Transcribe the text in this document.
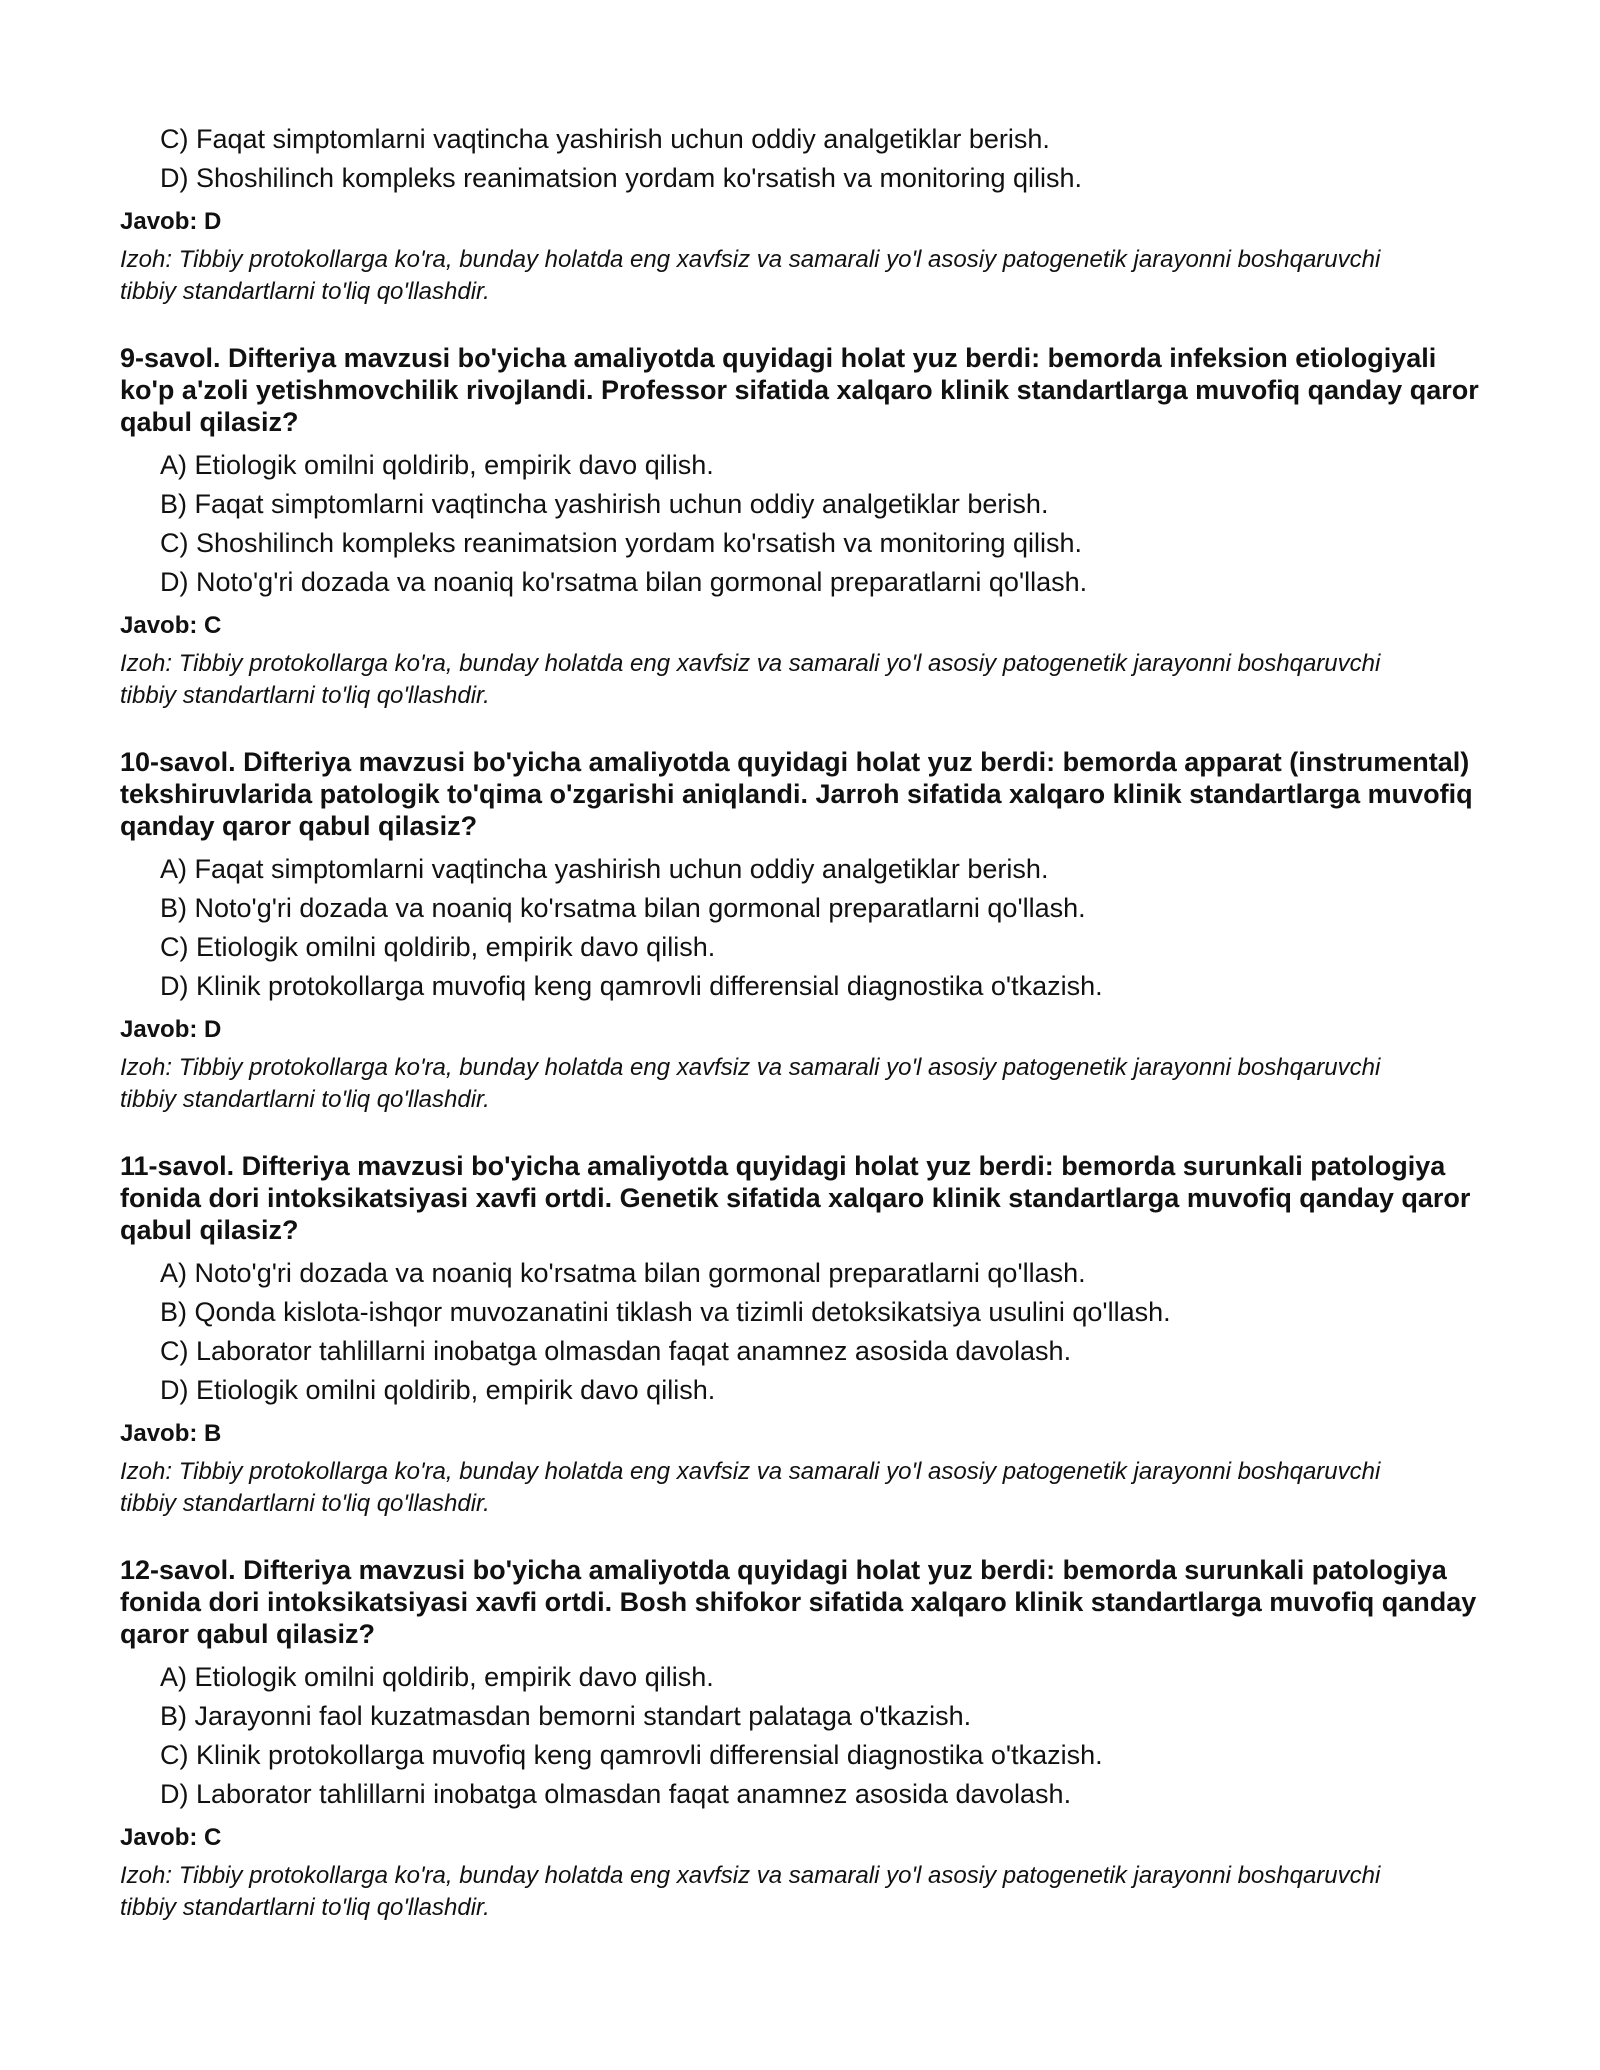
C) Faqat simptomlarni vaqtincha yashirish uchun oddiy analgetiklar berish.

D) Shoshilinch kompleks reanimatsion yordam ko'rsatish va monitoring qilish.

Javob: D
Izoh: Tibbiy protokollarga ko'ra, bunday holatda eng xavfsiz va samarali yo'l asosiy patogenetik jarayonni boshqaruvchi tibbiy standartlarni to'liq qo'llashdir.
9-savol. Difteriya mavzusi bo'yicha amaliyotda quyidagi holat yuz berdi: bemorda infeksion etiologiyali ko'p a'zoli yetishmovchilik rivojlandi. Professor sifatida xalqaro klinik standartlarga muvofiq qanday qaror qabul qilasiz?

A) Etiologik omilni qoldirib, empirik davo qilish.

B) Faqat simptomlarni vaqtincha yashirish uchun oddiy analgetiklar berish.

C) Shoshilinch kompleks reanimatsion yordam ko'rsatish va monitoring qilish.

D) Noto'g'ri dozada va noaniq ko'rsatma bilan gormonal preparatlarni qo'llash.

Javob: C
Izoh: Tibbiy protokollarga ko'ra, bunday holatda eng xavfsiz va samarali yo'l asosiy patogenetik jarayonni boshqaruvchi tibbiy standartlarni to'liq qo'llashdir.
10-savol. Difteriya mavzusi bo'yicha amaliyotda quyidagi holat yuz berdi: bemorda apparat (instrumental) tekshiruvlarida patologik to'qima o'zgarishi aniqlandi. Jarroh sifatida xalqaro klinik standartlarga muvofiq qanday qaror qabul qilasiz?

A) Faqat simptomlarni vaqtincha yashirish uchun oddiy analgetiklar berish.

B) Noto'g'ri dozada va noaniq ko'rsatma bilan gormonal preparatlarni qo'llash.

C) Etiologik omilni qoldirib, empirik davo qilish.

D) Klinik protokollarga muvofiq keng qamrovli differensial diagnostika o'tkazish.

Javob: D
Izoh: Tibbiy protokollarga ko'ra, bunday holatda eng xavfsiz va samarali yo'l asosiy patogenetik jarayonni boshqaruvchi tibbiy standartlarni to'liq qo'llashdir.
11-savol. Difteriya mavzusi bo'yicha amaliyotda quyidagi holat yuz berdi: bemorda surunkali patologiya fonida dori intoksikatsiyasi xavfi ortdi. Genetik sifatida xalqaro klinik standartlarga muvofiq qanday qaror qabul qilasiz?

A) Noto'g'ri dozada va noaniq ko'rsatma bilan gormonal preparatlarni qo'llash.

B) Qonda kislota-ishqor muvozanatini tiklash va tizimli detoksikatsiya usulini qo'llash.

C) Laborator tahlillarni inobatga olmasdan faqat anamnez asosida davolash.

D) Etiologik omilni qoldirib, empirik davo qilish.

Javob: B
Izoh: Tibbiy protokollarga ko'ra, bunday holatda eng xavfsiz va samarali yo'l asosiy patogenetik jarayonni boshqaruvchi tibbiy standartlarni to'liq qo'llashdir.
12-savol. Difteriya mavzusi bo'yicha amaliyotda quyidagi holat yuz berdi: bemorda surunkali patologiya fonida dori intoksikatsiyasi xavfi ortdi. Bosh shifokor sifatida xalqaro klinik standartlarga muvofiq qanday qaror qabul qilasiz?

A) Etiologik omilni qoldirib, empirik davo qilish.

B) Jarayonni faol kuzatmasdan bemorni standart palataga o'tkazish.

C) Klinik protokollarga muvofiq keng qamrovli differensial diagnostika o'tkazish.

D) Laborator tahlillarni inobatga olmasdan faqat anamnez asosida davolash.

Javob: C
Izoh: Tibbiy protokollarga ko'ra, bunday holatda eng xavfsiz va samarali yo'l asosiy patogenetik jarayonni boshqaruvchi tibbiy standartlarni to'liq qo'llashdir.
